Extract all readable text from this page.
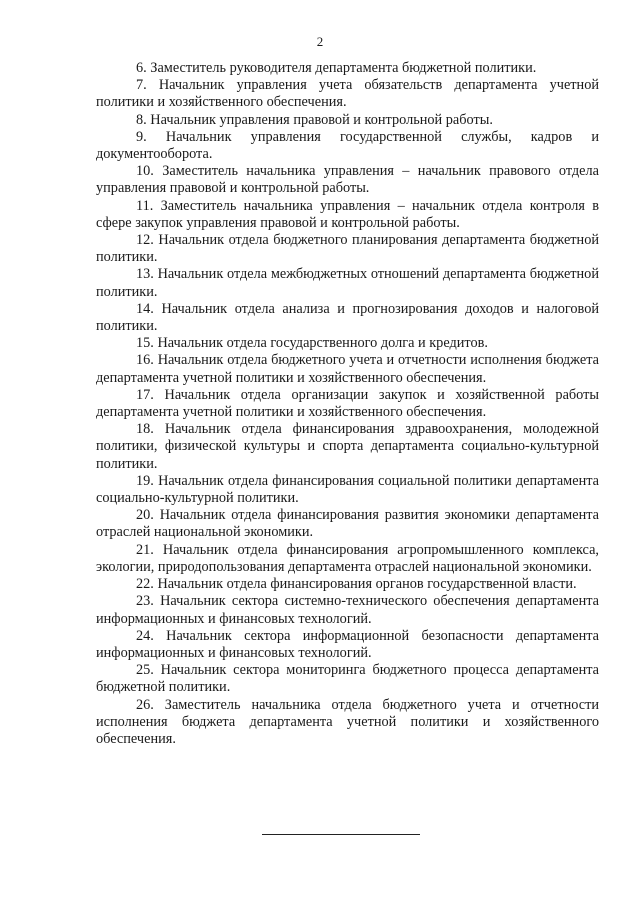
2

6. Заместитель руководителя департамента бюджетной политики.

7. Начальник управления учета обязательств департамента учетной политики и хозяйственного обеспечения.

8. Начальник управления правовой и контрольной работы.

9. Начальник управления государственной службы, кадров и документооборота.

10. Заместитель начальника управления – начальник правового отдела управления правовой и контрольной работы.

11. Заместитель начальника управления – начальник отдела контроля в сфере закупок управления правовой и контрольной работы.

12. Начальник отдела бюджетного планирования департамента бюджетной политики.

13. Начальник отдела межбюджетных отношений департамента бюджетной политики.

14. Начальник отдела анализа и прогнозирования доходов и налоговой политики.

15. Начальник отдела государственного долга и кредитов.

16. Начальник отдела бюджетного учета и отчетности исполнения бюджета департамента учетной политики и хозяйственного обеспечения.

17. Начальник отдела организации закупок и хозяйственной работы департамента учетной политики и хозяйственного обеспечения.

18. Начальник отдела финансирования здравоохранения, молодежной политики, физической культуры и спорта департамента социально-культурной политики.

19. Начальник отдела финансирования социальной политики департамента социально-культурной политики.

20. Начальник отдела финансирования развития экономики департамента отраслей национальной экономики.

21. Начальник отдела финансирования агропромышленного комплекса, экологии, природопользования департамента отраслей национальной экономики.

22. Начальник отдела финансирования органов государственной власти.

23. Начальник сектора системно-технического обеспечения департамента информационных и финансовых технологий.

24. Начальник сектора информационной безопасности департамента информационных и финансовых технологий.

25. Начальник сектора мониторинга бюджетного процесса департамента бюджетной политики.

26. Заместитель начальника отдела бюджетного учета и отчетности исполнения бюджета департамента учетной политики и хозяйственного обеспечения.
